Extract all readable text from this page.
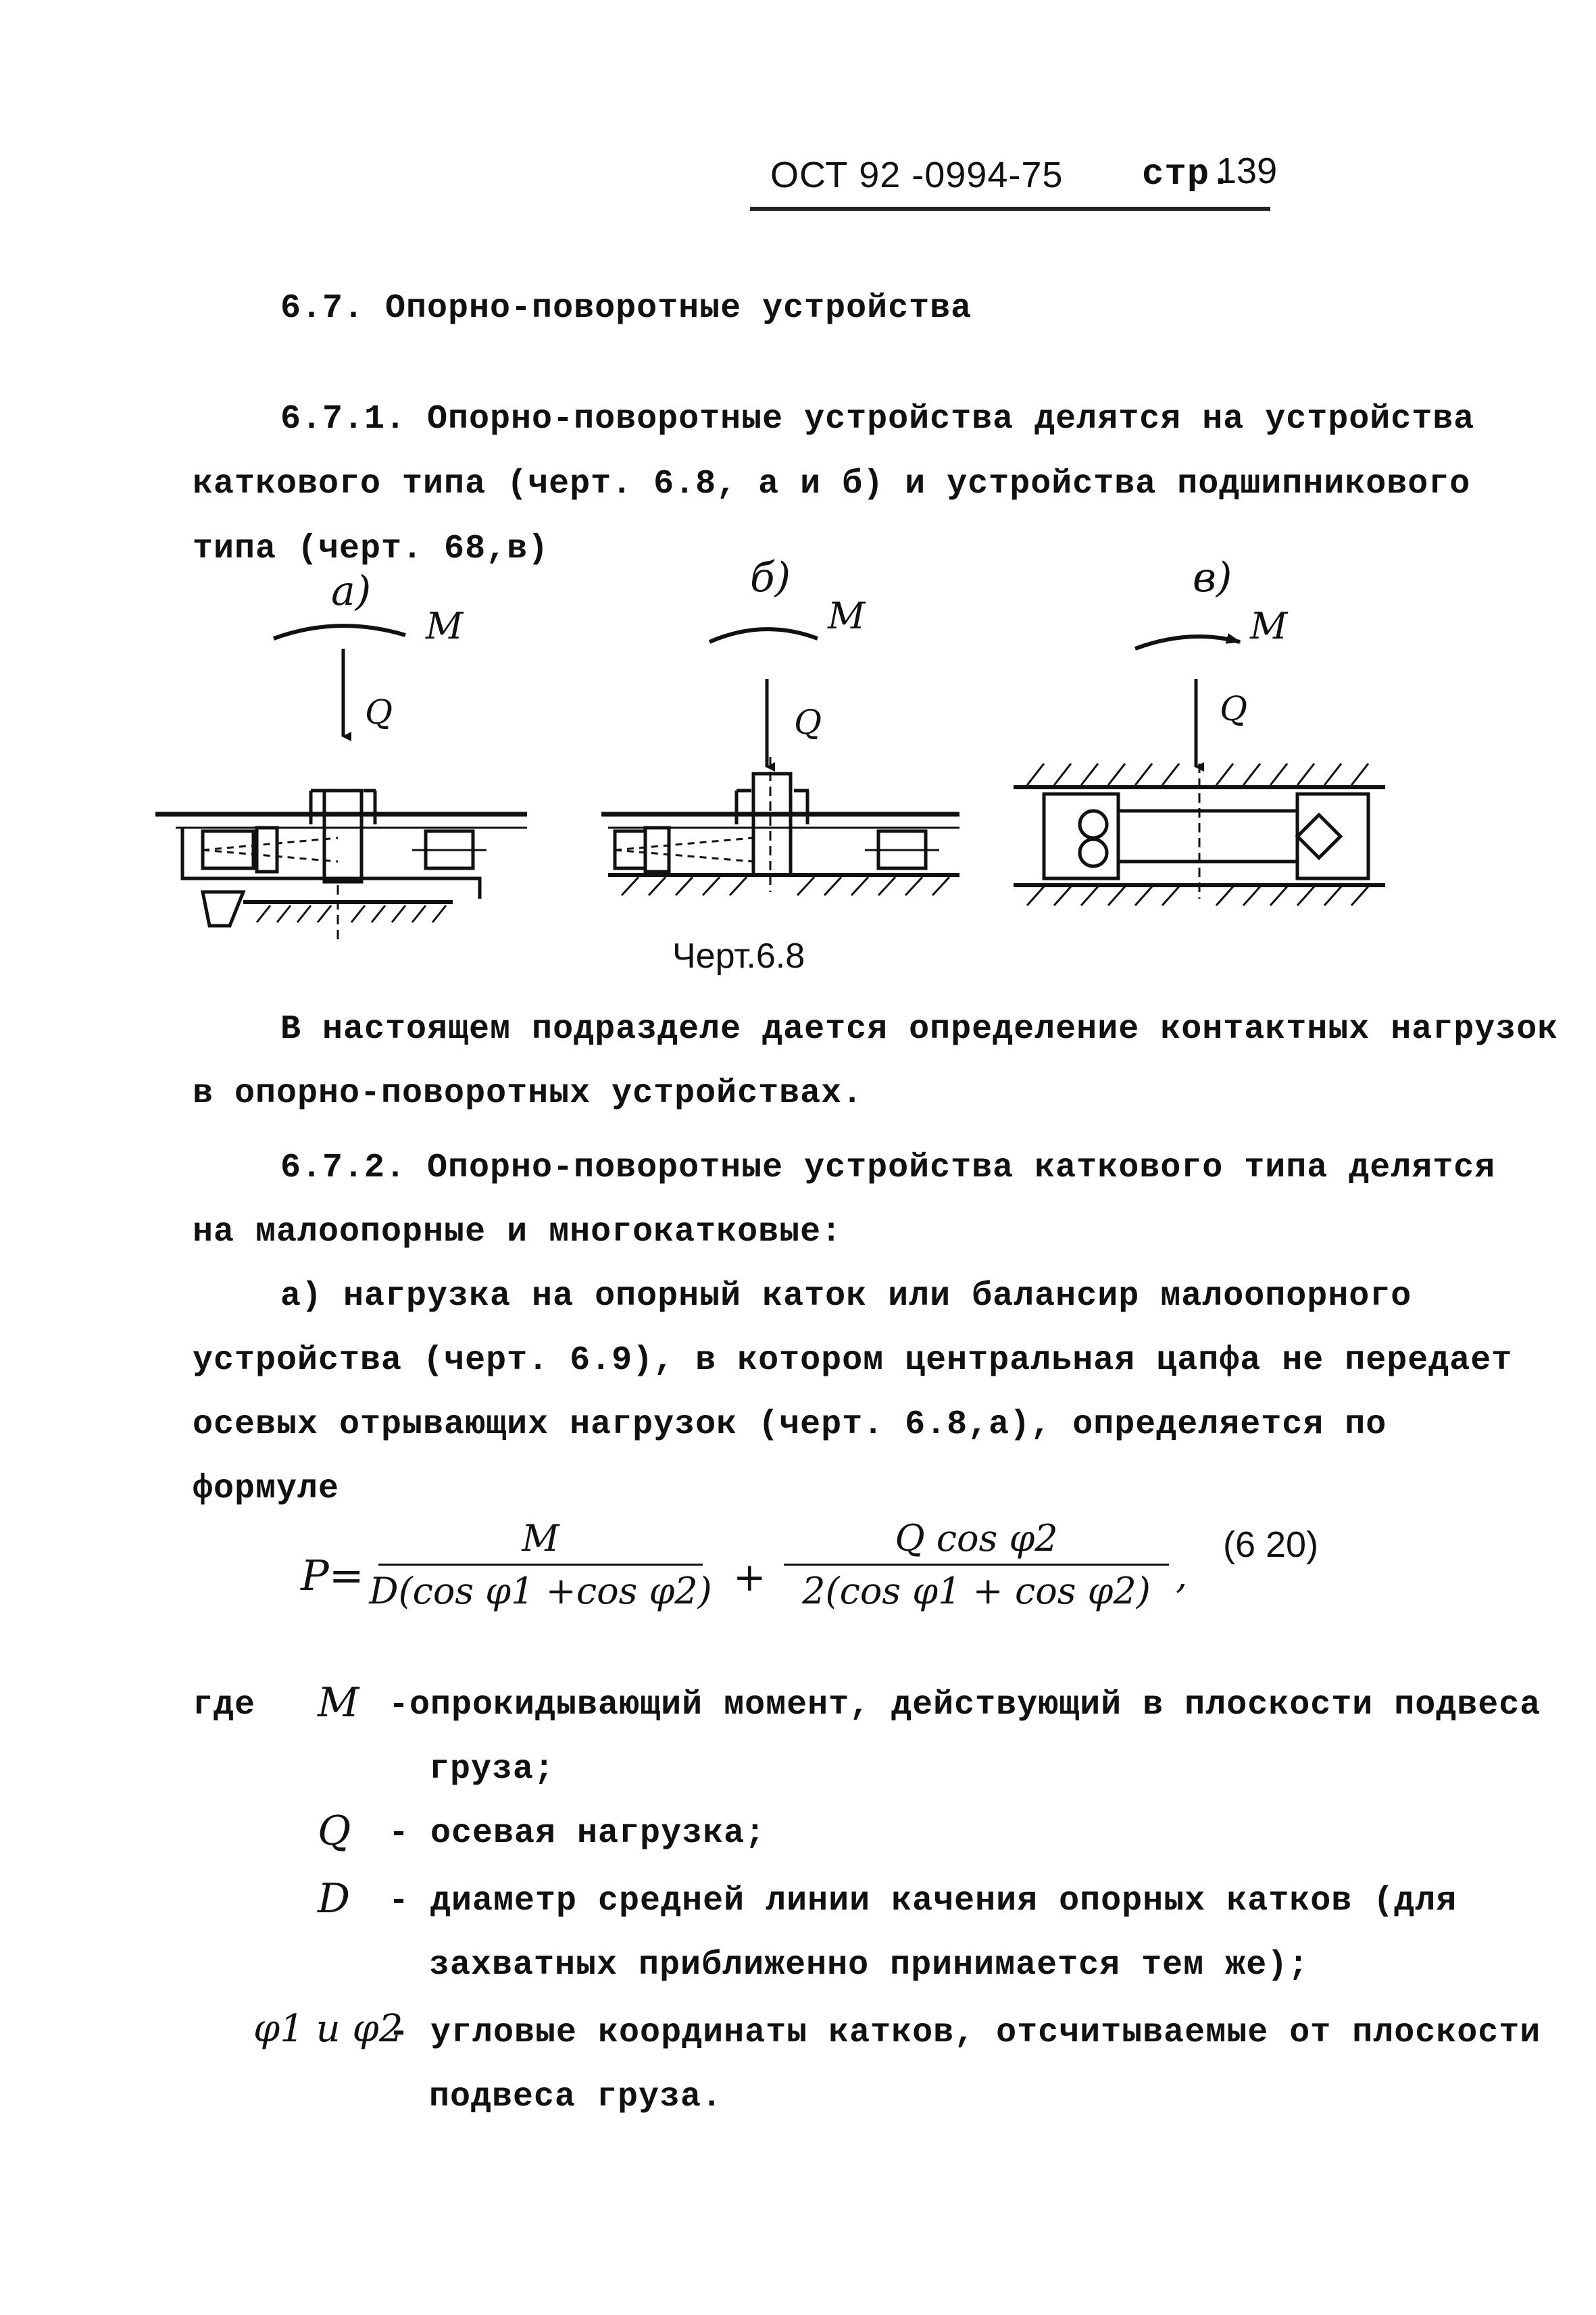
ОСТ 92 -0994-75 стр.
139
6.7. Опорно-поворотные устройства
6.7.1. Опорно-поворотные устройства делятся на устройства
каткового типа (черт. 6.8, а и б) и устройства подшипникового
типа (черт. 68,в)
а)
M
Q
б)
M
Q
в)
M
Q
Черт.6.8
В настоящем подразделе дается определение контактных нагрузок
в опорно-поворотных устройствах.
6.7.2. Опорно-поворотные устройства каткового типа делятся
на малоопорные и многокатковые:
а) нагрузка на опорный каток или балансир малоопорного
устройства (черт. 6.9), в котором центральная цапфа не передает
осевых отрывающих нагрузок (черт. 6.8,а), определяется по
формуле
P=
M
D(cos φ1 +cos φ2) +
Q cos φ2
2(cos φ1 + cos φ2) ,
(6 20)
где M -опрокидывающий момент, действующий в плоскости подвеса
груза;
Q - осевая нагрузка;
D - диаметр средней линии качения опорных катков (для
захватных приближенно принимается тем же);
φ1 и φ2
- угловые координаты катков, отсчитываемые от плоскости
подвеса груза.
